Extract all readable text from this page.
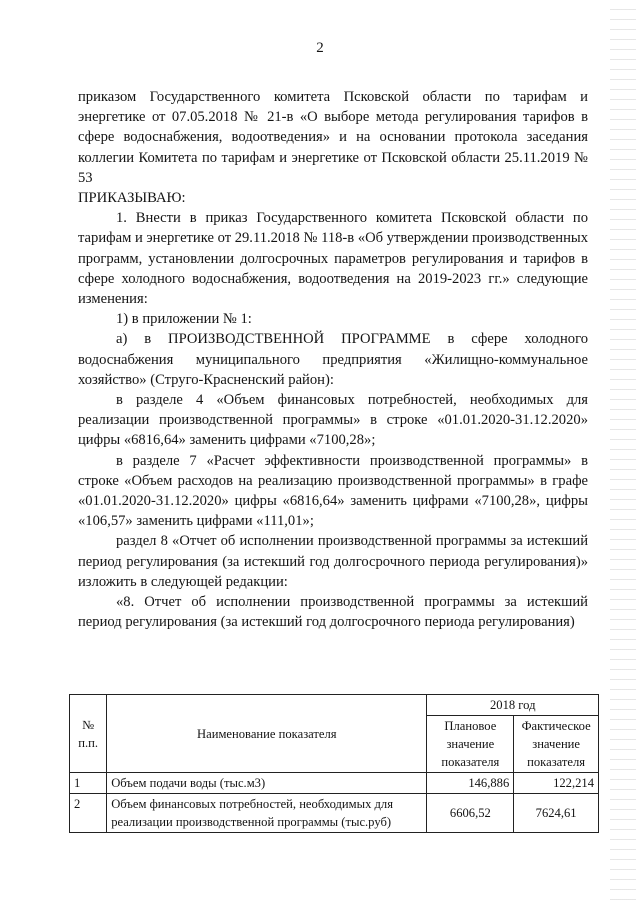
2

приказом Государственного комитета Псковской области по тарифам и энергетике от 07.05.2018 № 21-в «О выборе метода регулирования тарифов в сфере водоснабжения, водоотведения» и на основании протокола заседания коллегии Комитета по тарифам и энергетике от Псковской области 25.11.2019 № 53

ПРИКАЗЫВАЮ:

1. Внести в приказ Государственного комитета Псковской области по тарифам и энергетике от 29.11.2018 № 118-в «Об утверждении производственных программ, установлении долгосрочных параметров регулирования и тарифов в сфере холодного водоснабжения, водоотведения на 2019-2023 гг.» следующие изменения:

1) в приложении № 1:

а) в ПРОИЗВОДСТВЕННОЙ ПРОГРАММЕ в сфере холодного водоснабжения муниципального предприятия «Жилищно-коммунальное хозяйство» (Струго-Красненский район):

в разделе 4 «Объем финансовых потребностей, необходимых для реализации производственной программы» в строке «01.01.2020-31.12.2020» цифры «6816,64» заменить цифрами «7100,28»;

в разделе 7 «Расчет эффективности производственной программы» в строке «Объем расходов на реализацию производственной программы» в графе «01.01.2020-31.12.2020» цифры «6816,64» заменить цифрами «7100,28», цифры «106,57» заменить цифрами «111,01»;

раздел 8 «Отчет об исполнении производственной программы за истекший период регулирования (за истекший год долгосрочного периода регулирования)» изложить в следующей редакции:

«8. Отчет об исполнении производственной программы за истекший период регулирования (за истекший год долгосрочного периода регулирования)

№ п.п.	Наименование показателя	2018 год	
		Плановое значение показателя	Фактическое значение показателя
1	Объем подачи воды (тыс.м3)	146,886	122,214
2	Объем финансовых потребностей, необходимых для реализации производственной программы (тыс.руб)	6606,52	7624,61
